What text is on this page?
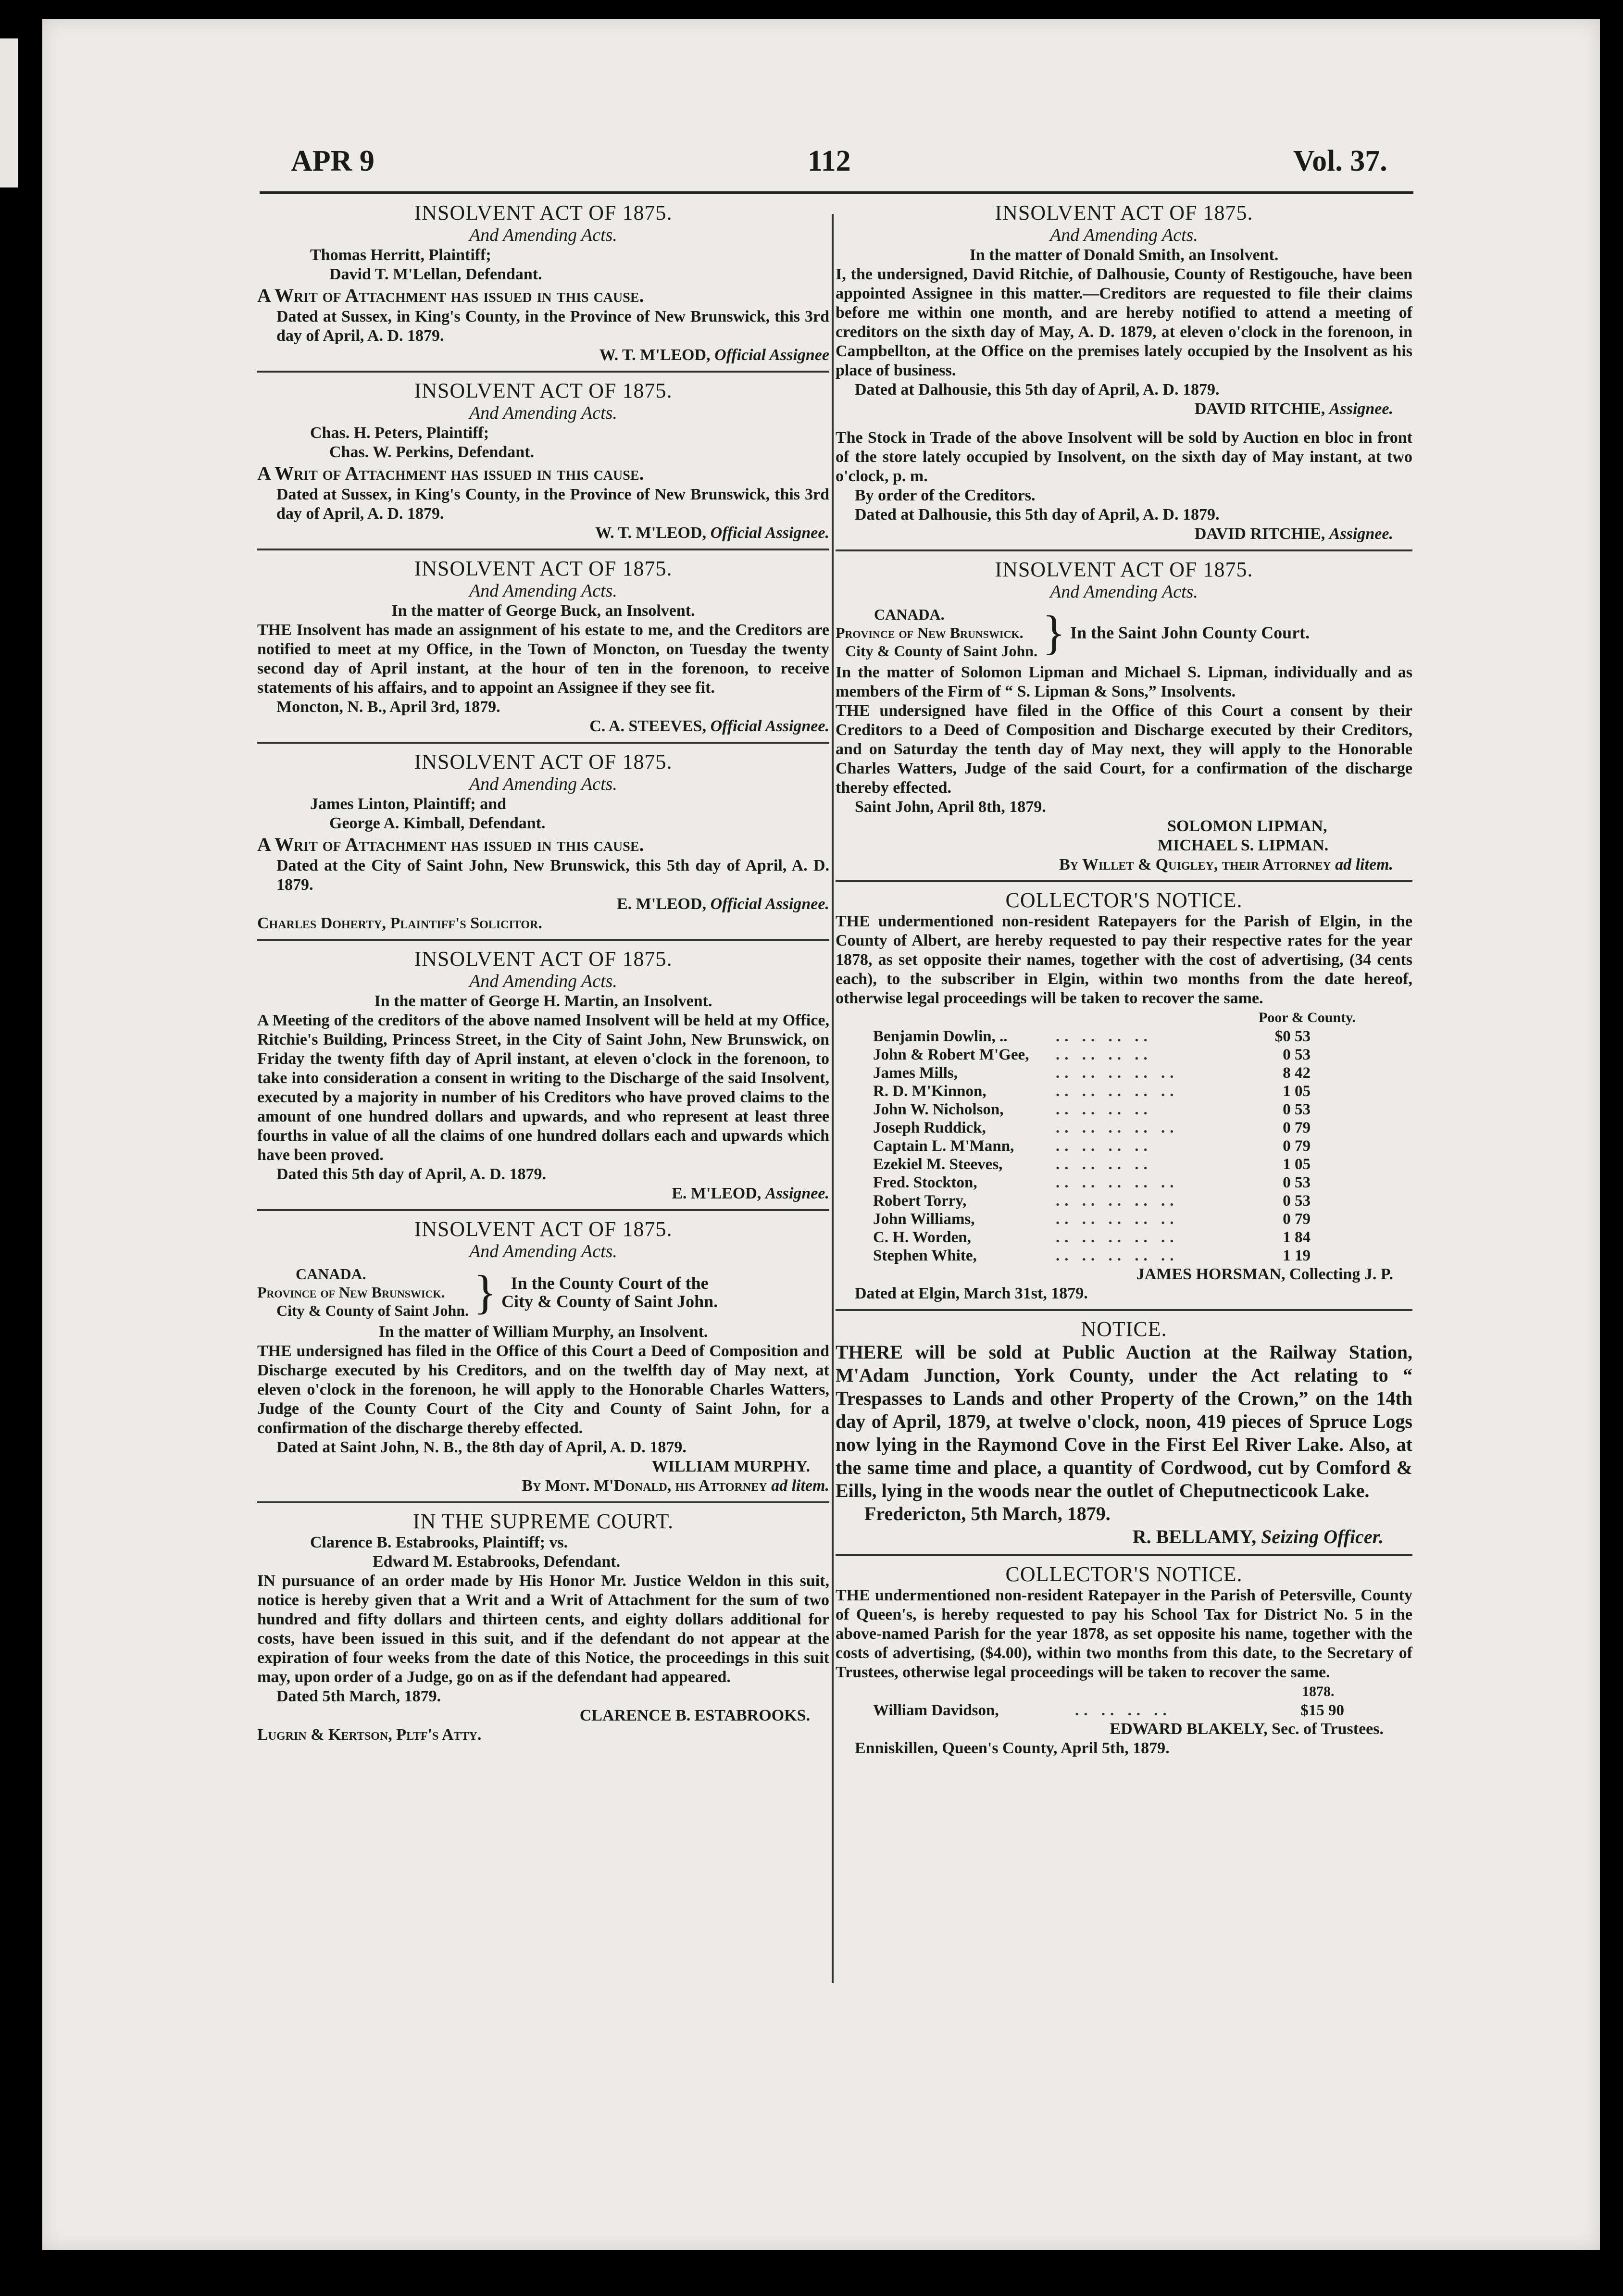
APR 9	112	Vol. 37.
INSOLVENT ACT OF 1875.
And Amending Acts.

Thomas Herritt, Plaintiff;

David T. M'Lellan, Defendant.

A Writ of Attachment has issued in this cause.

Dated at Sussex, in King's County, in the Province of New Brunswick, this 3rd day of April, A. D. 1879.

W. T. M'LEOD, Official Assignee

INSOLVENT ACT OF 1875.
And Amending Acts.

Chas. H. Peters, Plaintiff;

Chas. W. Perkins, Defendant.

A Writ of Attachment has issued in this cause.

Dated at Sussex, in King's County, in the Province of New Brunswick, this 3rd day of April, A. D. 1879.

W. T. M'LEOD, Official Assignee.

INSOLVENT ACT OF 1875.
And Amending Acts.

In the matter of George Buck, an Insolvent.

THE Insolvent has made an assignment of his estate to me, and the Creditors are notified to meet at my Office, in the Town of Moncton, on Tuesday the twenty second day of April instant, at the hour of ten in the forenoon, to receive statements of his affairs, and to appoint an Assignee if they see fit.

Moncton, N. B., April 3rd, 1879.

C. A. STEEVES, Official Assignee.

INSOLVENT ACT OF 1875.
And Amending Acts.

James Linton, Plaintiff; and

George A. Kimball, Defendant.

A Writ of Attachment has issued in this cause.

Dated at the City of Saint John, New Brunswick, this 5th day of April, A. D. 1879.

E. M'LEOD, Official Assignee.

Charles Doherty, Plaintiff's Solicitor.

INSOLVENT ACT OF 1875.
And Amending Acts.

In the matter of George H. Martin, an Insolvent.

A Meeting of the creditors of the above named Insolvent will be held at my Office, Ritchie's Building, Princess Street, in the City of Saint John, New Brunswick, on Friday the twenty fifth day of April instant, at eleven o'clock in the forenoon, to take into consideration a consent in writing to the Discharge of the said Insolvent, executed by a majority in number of his Creditors who have proved claims to the amount of one hundred dollars and upwards, and who represent at least three fourths in value of all the claims of one hundred dollars each and upwards which have been proved.

Dated this 5th day of April, A. D. 1879.

E. M'LEOD, Assignee.

INSOLVENT ACT OF 1875.
And Amending Acts.
CANADA.
Province of New Brunswick.
City & County of Saint John. } In the County Court of the
City & County of Saint John.

In the matter of William Murphy, an Insolvent.

THE undersigned has filed in the Office of this Court a Deed of Composition and Discharge executed by his Creditors, and on the twelfth day of May next, at eleven o'clock in the forenoon, he will apply to the Honorable Charles Watters, Judge of the County Court of the City and County of Saint John, for a confirmation of the discharge thereby effected.

Dated at Saint John, N. B., the 8th day of April, A. D. 1879.

WILLIAM MURPHY.

By Mont. M'Donald, his Attorney ad litem.

IN THE SUPREME COURT.

Clarence B. Estabrooks, Plaintiff; vs.

Edward M. Estabrooks, Defendant.

IN pursuance of an order made by His Honor Mr. Justice Weldon in this suit, notice is hereby given that a Writ and a Writ of Attachment for the sum of two hundred and fifty dollars and thirteen cents, and eighty dollars additional for costs, have been issued in this suit, and if the defendant do not appear at the expiration of four weeks from the date of this Notice, the proceedings in this suit may, upon order of a Judge, go on as if the defendant had appeared.

Dated 5th March, 1879.

CLARENCE B. ESTABROOKS.

Lugrin & Kertson, Pltf's Atty.

INSOLVENT ACT OF 1875.
And Amending Acts.

In the matter of Donald Smith, an Insolvent.

I, the undersigned, David Ritchie, of Dalhousie, County of Restigouche, have been appointed Assignee in this matter.—Creditors are requested to file their claims before me within one month, and are hereby notified to attend a meeting of creditors on the sixth day of May, A. D. 1879, at eleven o'clock in the forenoon, in Campbellton, at the Office on the premises lately occupied by the Insolvent as his place of business.

Dated at Dalhousie, this 5th day of April, A. D. 1879.

DAVID RITCHIE, Assignee.

The Stock in Trade of the above Insolvent will be sold by Auction en bloc in front of the store lately occupied by Insolvent, on the sixth day of May instant, at two o'clock, p. m.

By order of the Creditors.

Dated at Dalhousie, this 5th day of April, A. D. 1879.

DAVID RITCHIE, Assignee.

INSOLVENT ACT OF 1875.
And Amending Acts.
CANADA.
Province of New Brunswick.
City & County of Saint John. } In the Saint John County Court.

In the matter of Solomon Lipman and Michael S. Lipman, individually and as members of the Firm of “ S. Lipman & Sons,” Insolvents.

THE undersigned have filed in the Office of this Court a consent by their Creditors to a Deed of Composition and Discharge executed by their Creditors, and on Saturday the tenth day of May next, they will apply to the Honorable Charles Watters, Judge of the said Court, for a confirmation of the discharge thereby effected.

Saint John, April 8th, 1879.

SOLOMON LIPMAN,

MICHAEL S. LIPMAN.

By Willet & Quigley, their Attorney ad litem.

COLLECTOR'S NOTICE.

THE undermentioned non-resident Ratepayers for the Parish of Elgin, in the County of Albert, are hereby requested to pay their respective rates for the year 1878, as set opposite their names, together with the cost of advertising, (34 cents each), to the subscriber in Elgin, within two months from the date hereof, otherwise legal proceedings will be taken to recover the same.

Poor & County.

Benjamin Dowlin, ..	.. .. .. ..	$0 53
John & Robert M'Gee,	.. .. .. ..	0 53
James Mills,	.. .. .. .. ..	8 42
R. D. M'Kinnon,	.. .. .. .. ..	1 05
John W. Nicholson,	.. .. .. ..	0 53
Joseph Ruddick,	.. .. .. .. ..	0 79
Captain L. M'Mann,	.. .. .. ..	0 79
Ezekiel M. Steeves,	.. .. .. ..	1 05
Fred. Stockton,	.. .. .. .. ..	0 53
Robert Torry,	.. .. .. .. ..	0 53
John Williams,	.. .. .. .. ..	0 79
C. H. Worden,	.. .. .. .. ..	1 84
Stephen White,	.. .. .. .. ..	1 19

JAMES HORSMAN, Collecting J. P.

Dated at Elgin, March 31st, 1879.

NOTICE.

THERE will be sold at Public Auction at the Railway Station, M'Adam Junction, York County, under the Act relating to “ Trespasses to Lands and other Property of the Crown,” on the 14th day of April, 1879, at twelve o'clock, noon, 419 pieces of Spruce Logs now lying in the Raymond Cove in the First Eel River Lake. Also, at the same time and place, a quantity of Cordwood, cut by Comford & Eills, lying in the woods near the outlet of Cheputnecticook Lake.

Fredericton, 5th March, 1879.

R. BELLAMY, Seizing Officer.

COLLECTOR'S NOTICE.

THE undermentioned non-resident Ratepayer in the Parish of Petersville, County of Queen's, is hereby requested to pay his School Tax for District No. 5 in the above-named Parish for the year 1878, as set opposite his name, together with the costs of advertising, ($4.00), within two months from this date, to the Secretary of Trustees, otherwise legal proceedings will be taken to recover the same.

1878.

William Davidson,	.. .. .. ..	$15 90

EDWARD BLAKELY, Sec. of Trustees.

Enniskillen, Queen's County, April 5th, 1879.
